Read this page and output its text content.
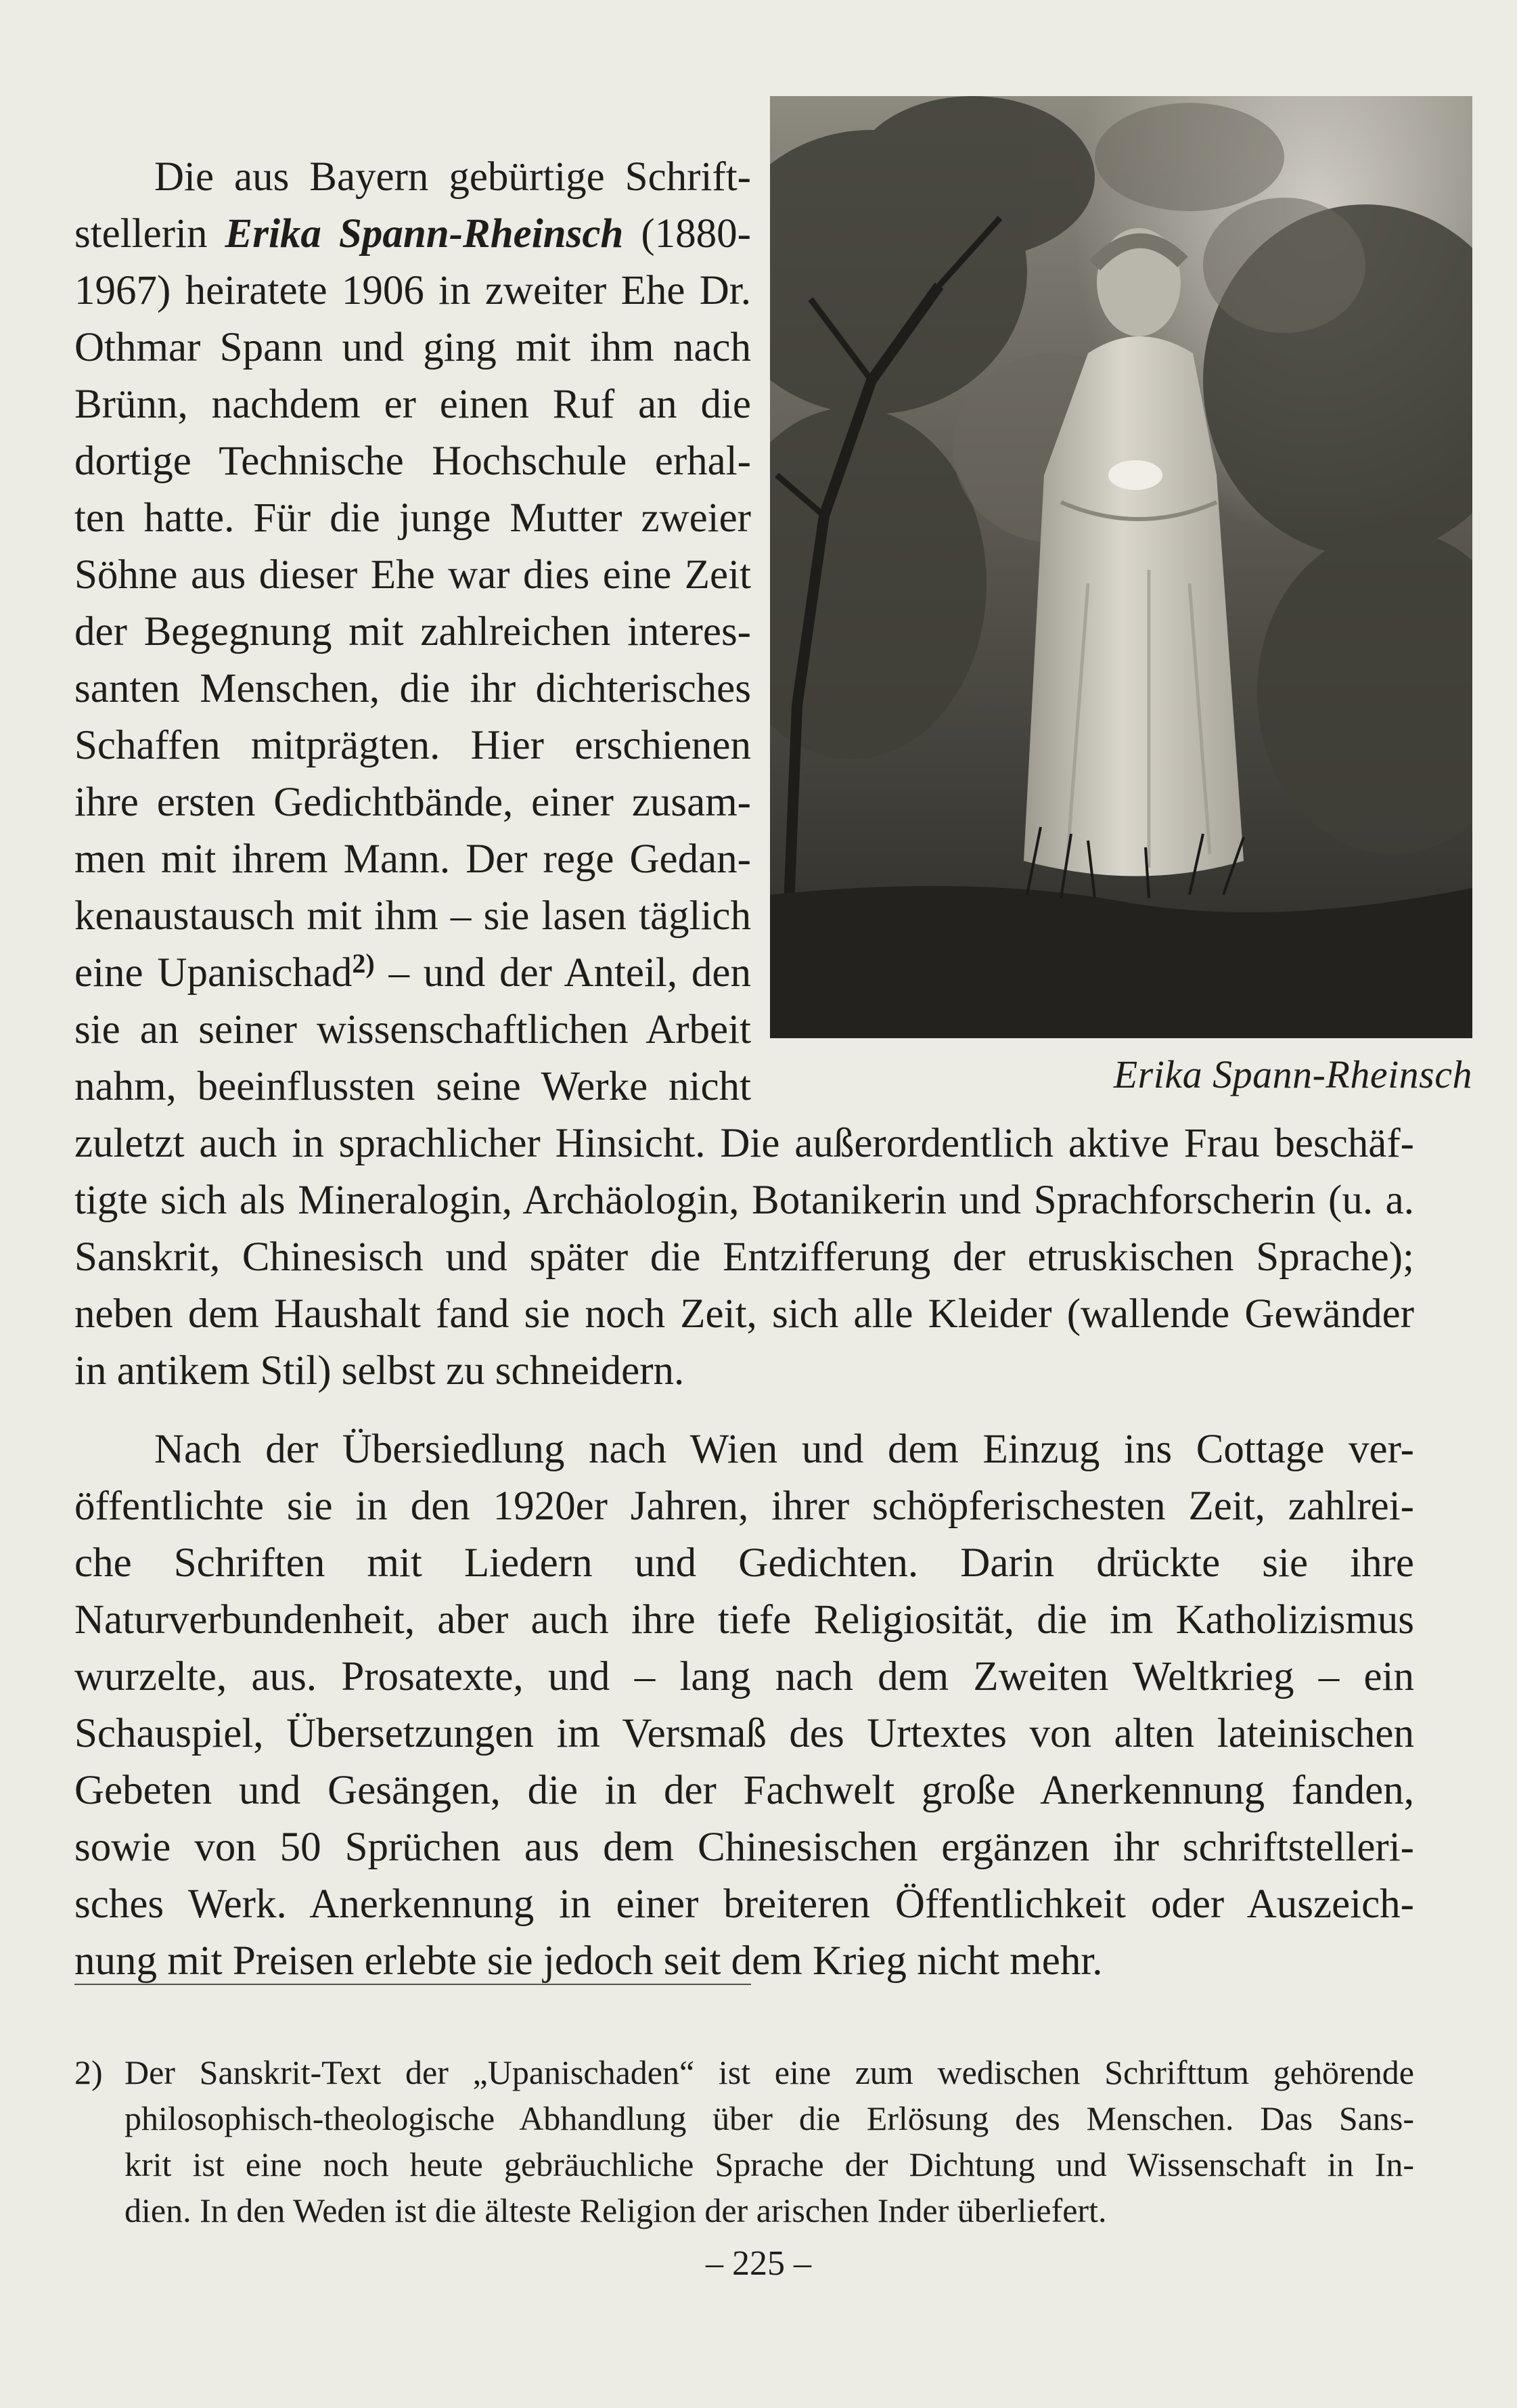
Erika Spann-Rheinsch
Die aus Bayern gebürtige Schrift-
stellerin Erika Spann-Rheinsch (1880-
1967) heiratete 1906 in zweiter Ehe Dr.
Othmar Spann und ging mit ihm nach
Brünn, nachdem er einen Ruf an die
dortige Technische Hochschule erhal-
ten hatte. Für die junge Mutter zweier
Söhne aus dieser Ehe war dies eine Zeit
der Begegnung mit zahlreichen interes-
santen Menschen, die ihr dichterisches
Schaffen mitprägten. Hier erschienen
ihre ersten Gedichtbände, einer zusam-
men mit ihrem Mann. Der rege Gedan-
kenaustausch mit ihm – sie lasen täglich
eine Upanischad$^{2)}$ – und der Anteil, den
sie an seiner wissenschaftlichen Arbeit
nahm, beeinflussten seine Werke nicht
zuletzt auch in sprachlicher Hinsicht. Die außerordentlich aktive Frau beschäf-
tigte sich als Mineralogin, Archäologin, Botanikerin und Sprachforscherin (u. a.
Sanskrit, Chinesisch und später die Entzifferung der etruskischen Sprache);
neben dem Haushalt fand sie noch Zeit, sich alle Kleider (wallende Gewänder
in antikem Stil) selbst zu schneidern.
Nach der Übersiedlung nach Wien und dem Einzug ins Cottage ver-
öffentlichte sie in den 1920er Jahren, ihrer schöpferischesten Zeit, zahlrei-
che Schriften mit Liedern und Gedichten. Darin drückte sie ihre
Naturverbundenheit, aber auch ihre tiefe Religiosität, die im Katholizismus
wurzelte, aus. Prosatexte, und – lang nach dem Zweiten Weltkrieg – ein
Schauspiel, Übersetzungen im Versmaß des Urtextes von alten lateinischen
Gebeten und Gesängen, die in der Fachwelt große Anerkennung fanden,
sowie von 50 Sprüchen aus dem Chinesischen ergänzen ihr schriftstelleri-
sches Werk. Anerkennung in einer breiteren Öffentlichkeit oder Auszeich-
nung mit Preisen erlebte sie jedoch seit dem Krieg nicht mehr.
2) Der Sanskrit-Text der „Upanischaden“ ist eine zum wedischen Schrifttum gehörende
philosophisch-theologische Abhandlung über die Erlösung des Menschen. Das Sans-
krit ist eine noch heute gebräuchliche Sprache der Dichtung und Wissenschaft in In-
dien. In den Weden ist die älteste Religion der arischen Inder überliefert.
– 225 –
